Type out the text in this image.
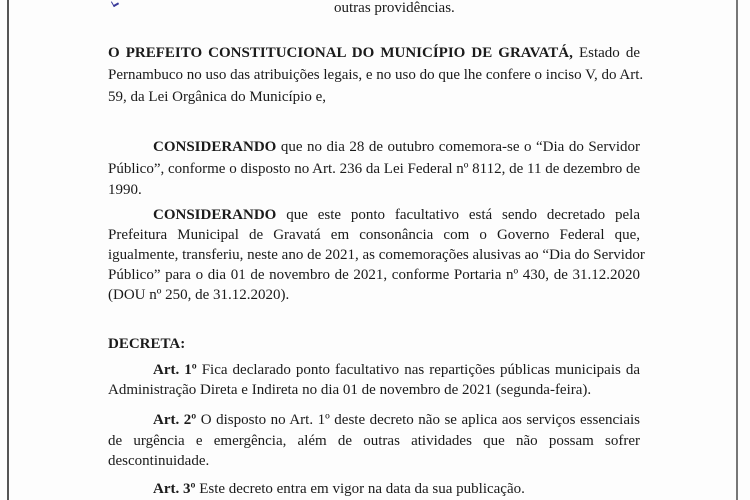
outras providências.
O PREFEITO CONSTITUCIONAL DO MUNICÍPIO DE GRAVATÁ, Estado de
Pernambuco no uso das atribuições legais, e no uso do que lhe confere o inciso V, do Art.
59, da Lei Orgânica do Município e,
CONSIDERANDO que no dia 28 de outubro comemora-se o “Dia do Servidor
Público”, conforme o disposto no Art. 236 da Lei Federal nº 8112, de 11 de dezembro de
1990.
CONSIDERANDO que este ponto facultativo está sendo decretado pela
Prefeitura Municipal de Gravatá em consonância com o Governo Federal que,
igualmente, transferiu, neste ano de 2021, as comemorações alusivas ao “Dia do Servidor
Público” para o dia 01 de novembro de 2021, conforme Portaria nº 430, de 31.12.2020
(DOU nº 250, de 31.12.2020).
DECRETA:
Art. 1º Fica declarado ponto facultativo nas repartições públicas municipais da
Administração Direta e Indireta no dia 01 de novembro de 2021 (segunda-feira).
Art. 2º O disposto no Art. 1º deste decreto não se aplica aos serviços essenciais
de urgência e emergência, além de outras atividades que não possam sofrer
descontinuidade.
Art. 3º Este decreto entra em vigor na data da sua publicação.
